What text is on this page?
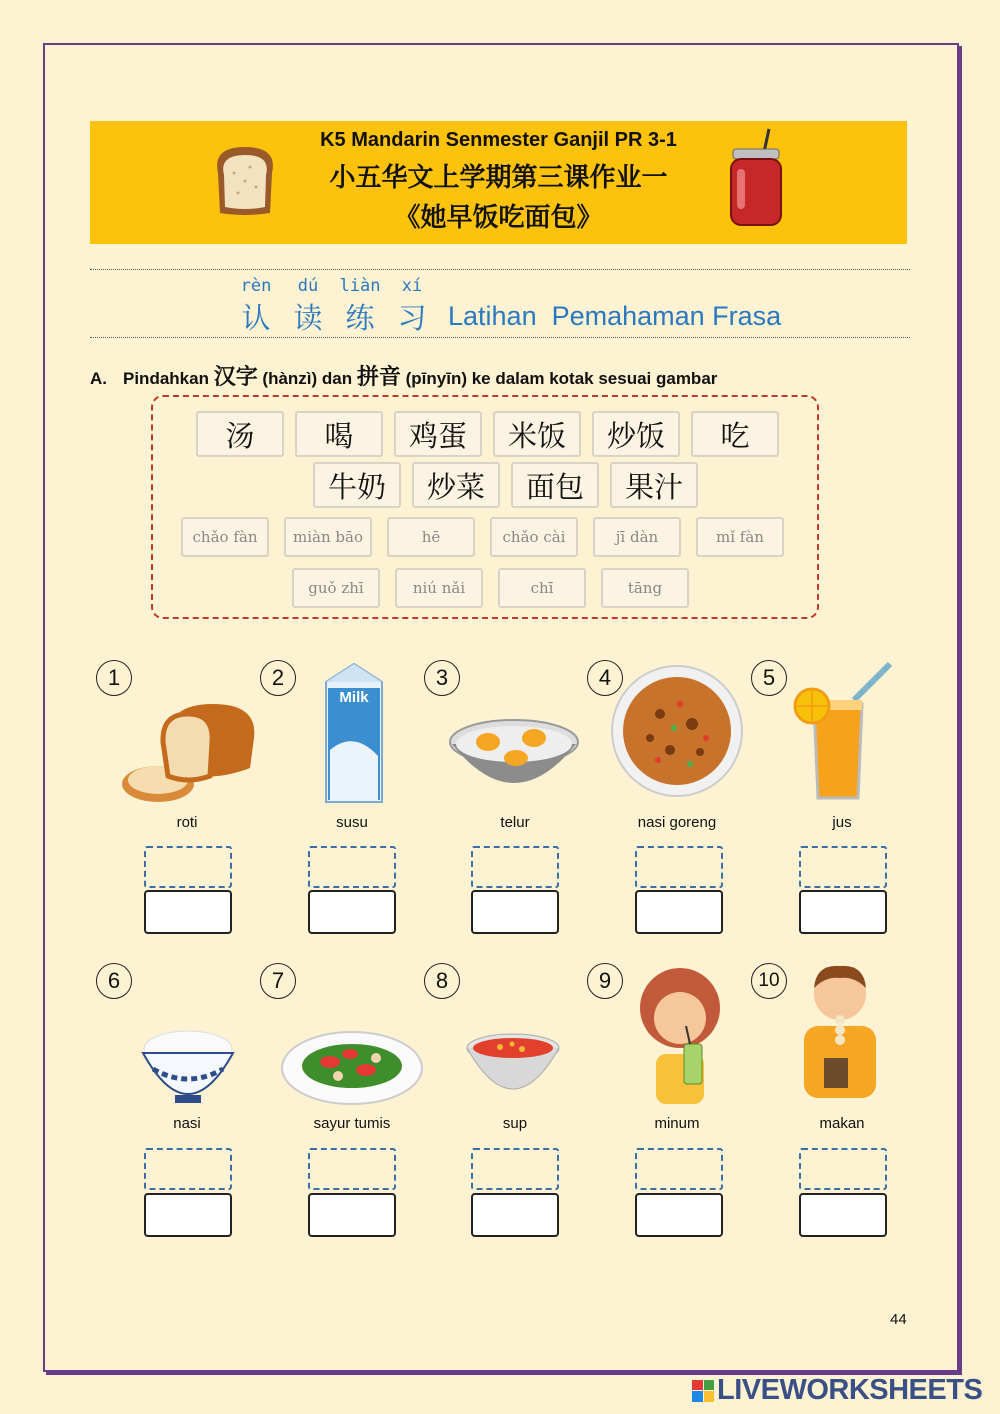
K5 Mandarin Senmester Ganjil PR 3-1
小五华文上学期第三课作业一
《她早饭吃面包》
rèn dú liàn xí
认 读 练 习 Latihan  Pemahaman Frasa
A. Pindahkan 汉字 (hànzì) dan 拼音 (pīnyīn) ke dalam kotak sesuai gambar
汤	喝	鸡蛋	米饭	炒饭	吃
牛奶	炒菜	面包	果汁
chǎo fàn	miàn bāo	hē	chǎo cài	jī dàn	mǐ fàn
guǒ zhī	niú nǎi	chī	tāng
1
roti
2
susu
3
telur
4
nasi goreng
5
jus
6
nasi
7
sayur tumis
8
sup
9
minum
10
makan
Milk
44
LIVEWORKSHEETS
